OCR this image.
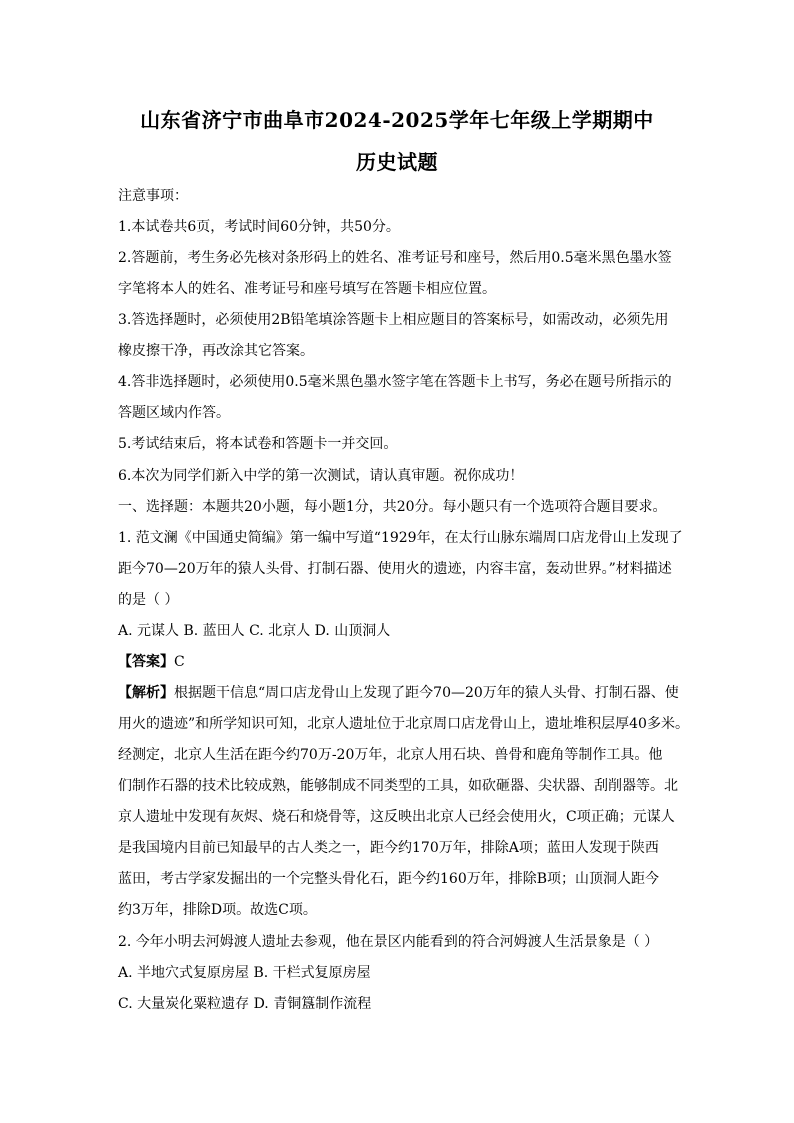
山东省济宁市曲阜市2024-2025学年七年级上学期期中
历史试题
注意事项：
1.本试卷共6页，考试时间60分钟，共50分。
2.答题前，考生务必先核对条形码上的姓名、准考证号和座号，然后用0.5毫米黑色墨水签
字笔将本人的姓名、准考证号和座号填写在答题卡相应位置。
3.答选择题时，必须使用2B铅笔填涂答题卡上相应题目的答案标号，如需改动，必须先用
橡皮擦干净，再改涂其它答案。
4.答非选择题时，必须使用0.5毫米黑色墨水签字笔在答题卡上书写，务必在题号所指示的
答题区域内作答。
5.考试结束后，将本试卷和答题卡一并交回。
6.本次为同学们新入中学的第一次测试，请认真审题。祝你成功！
一、选择题：本题共20小题，每小题1分，共20分。每小题只有一个选项符合题目要求。
1. 范文澜《中国通史简编》第一编中写道“1929年，在太行山脉东端周口店龙骨山上发现了
距今70—20万年的猿人头骨、打制石器、使用火的遗迹，内容丰富，轰动世界。”材料描述
的是（ ）
A. 元谋人 B. 蓝田人 C. 北京人 D. 山顶洞人
【答案】C
【解析】根据题干信息“周口店龙骨山上发现了距今70—20万年的猿人头骨、打制石器、使
用火的遗迹”和所学知识可知，北京人遗址位于北京周口店龙骨山上，遗址堆积层厚40多米。
经测定，北京人生活在距今约70万-20万年，北京人用石块、兽骨和鹿角等制作工具。他
们制作石器的技术比较成熟，能够制成不同类型的工具，如砍砸器、尖状器、刮削器等。北
京人遗址中发现有灰烬、烧石和烧骨等，这反映出北京人已经会使用火，C项正确；元谋人
是我国境内目前已知最早的古人类之一，距今约170万年，排除A项；蓝田人发现于陕西
蓝田，考古学家发掘出的一个完整头骨化石，距今约160万年，排除B项；山顶洞人距今
约3万年，排除D项。故选C项。
2. 今年小明去河姆渡人遗址去参观，他在景区内能看到的符合河姆渡人生活景象是（ ）
A. 半地穴式复原房屋 B. 干栏式复原房屋
C. 大量炭化粟粒遗存 D. 青铜簋制作流程
